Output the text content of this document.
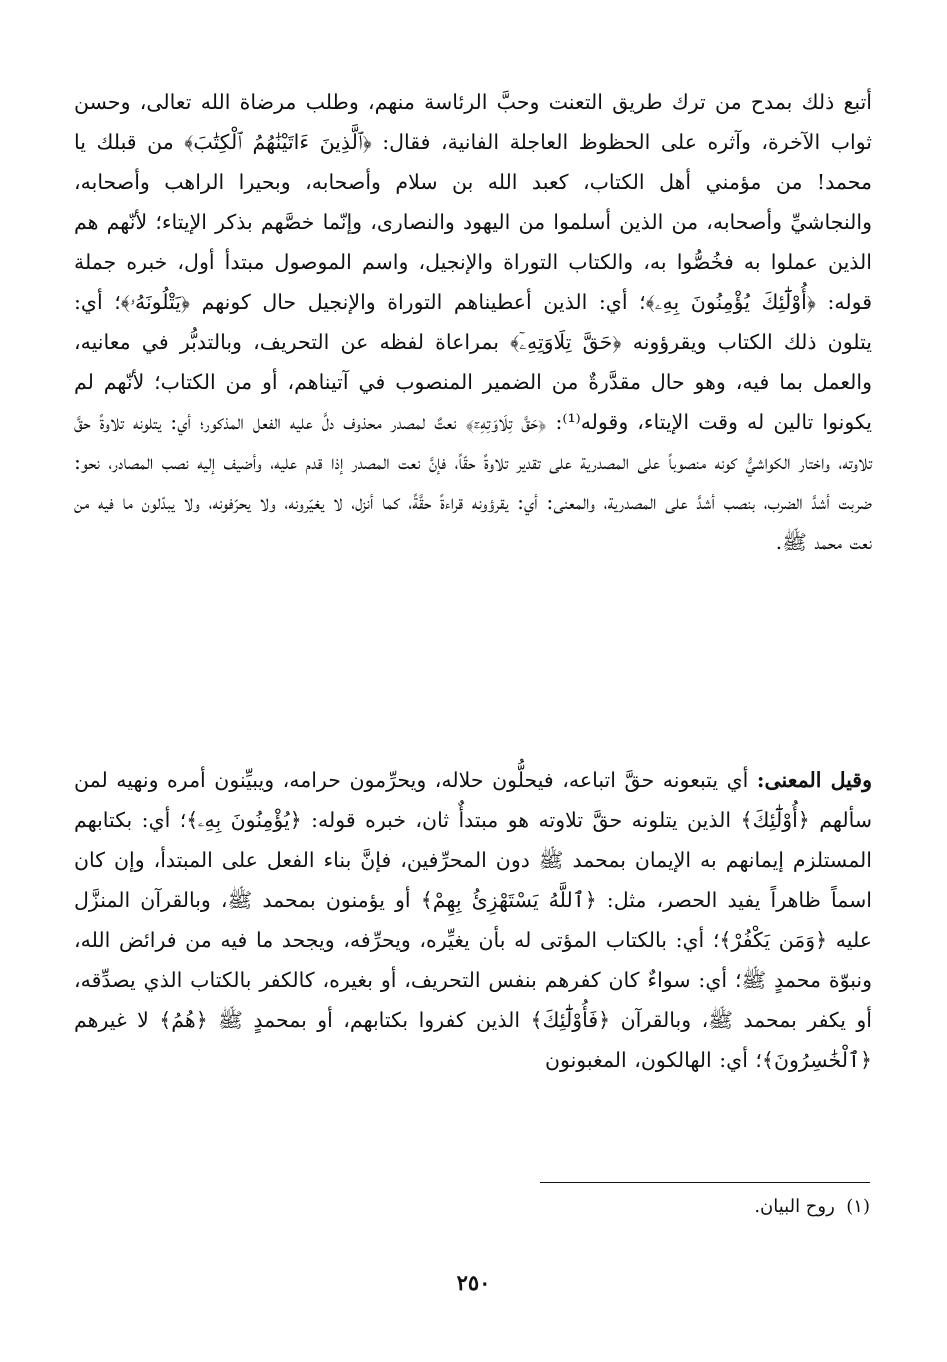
أتبع ذلك بمدح من ترك طريق التعنت وحبَّ الرئاسة منهم، وطلب مرضاة الله تعالى، وحسن ثواب الآخرة، وآثره على الحظوظ العاجلة الفانية، فقال: ﴿ٱلَّذِينَ ءَاتَيْنَٰهُمُ ٱلْكِتَٰبَ﴾ من قبلك يا محمد! من مؤمني أهل الكتاب، كعبد الله بن سلام وأصحابه، وبحيرا الراهب وأصحابه، والنجاشيِّ وأصحابه، من الذين أسلموا من اليهود والنصارى، وإنّما خصَّهم بذكر الإيتاء؛ لأنّهم هم الذين عملوا به فخُصُّوا به، والكتاب التوراة والإنجيل، واسم الموصول مبتدأ أول، خبره جملة قوله: ﴿أُوْلَٰٓئِكَ يُؤْمِنُونَ بِهِۦ﴾؛ أي: الذين أعطيناهم التوراة والإنجيل حال كونهم ﴿يَتْلُونَهُۥ﴾؛ أي: يتلون ذلك الكتاب ويقرؤونه ﴿حَقَّ تِلَاوَتِهِۦٓ﴾ بمراعاة لفظه عن التحريف، وبالتدبُّر في معانيه، والعمل بما فيه، وهو حال مقدَّرةٌ من الضمير المنصوب في آتيناهم، أو من الكتاب؛ لأنّهم لم يكونوا تالين له وقت الإيتاء، وقوله⁽¹⁾: ﴿حَقَّ تِلَاوَتِهِۦٓ﴾ نعتٌ لمصدر محذوف دلَّ عليه الفعل المذكور؛ أي: يتلونه تلاوةً حقَّ تلاوته، واختار الكواشيُّ كونه منصوباً على المصدرية على تقدير تلاوةً حقّاً، فإنَّ نعت المصدر إذا قدم عليه، وأضيف إليه نصب المصادر، نحو: ضربت أشدَّ الضرب، بنصب أشدَّ على المصدرية، والمعنى: أي: يقرؤونه قراءةً حقَّةً، كما أنزل، لا يغيّرونه، ولا يحرّفونه، ولا يبدّلون ما فيه من نعت محمد ﷺ.

وقيل المعنى: أي يتبعونه حقَّ اتباعه، فيحلُّون حلاله، ويحرِّمون حرامه، ويبيِّنون أمره ونهيه لمن سألهم ﴿أُوْلَٰٓئِكَ﴾ الذين يتلونه حقَّ تلاوته هو مبتدأٌ ثان، خبره قوله: ﴿يُؤْمِنُونَ بِهِۦ﴾؛ أي: بكتابهم المستلزم إيمانهم به الإيمان بمحمد ﷺ دون المحرِّفين، فإنَّ بناء الفعل على المبتدأ، وإن كان اسماً ظاهراً يفيد الحصر، مثل: ﴿ٱللَّهُ يَسْتَهْزِئُ بِهِمْ﴾ أو يؤمنون بمحمد ﷺ، وبالقرآن المنزَّل عليه ﴿وَمَن يَكْفُرْ﴾؛ أي: بالكتاب المؤتى له بأن يغيِّره، ويحرِّفه، ويجحد ما فيه من فرائض الله، ونبوّة محمدٍ ﷺ؛ أي: سواءٌ كان كفرهم بنفس التحريف، أو بغيره، كالكفر بالكتاب الذي يصدِّقه، أو يكفر بمحمد ﷺ، وبالقرآن ﴿فَأُوْلَٰٓئِكَ﴾ الذين كفروا بكتابهم، أو بمحمدٍ ﷺ ﴿هُمُ﴾ لا غيرهم ﴿ٱلْخَٰسِرُونَ﴾؛ أي: الهالكون، المغبونون

(١)  روح البيان.
٢٥٠
